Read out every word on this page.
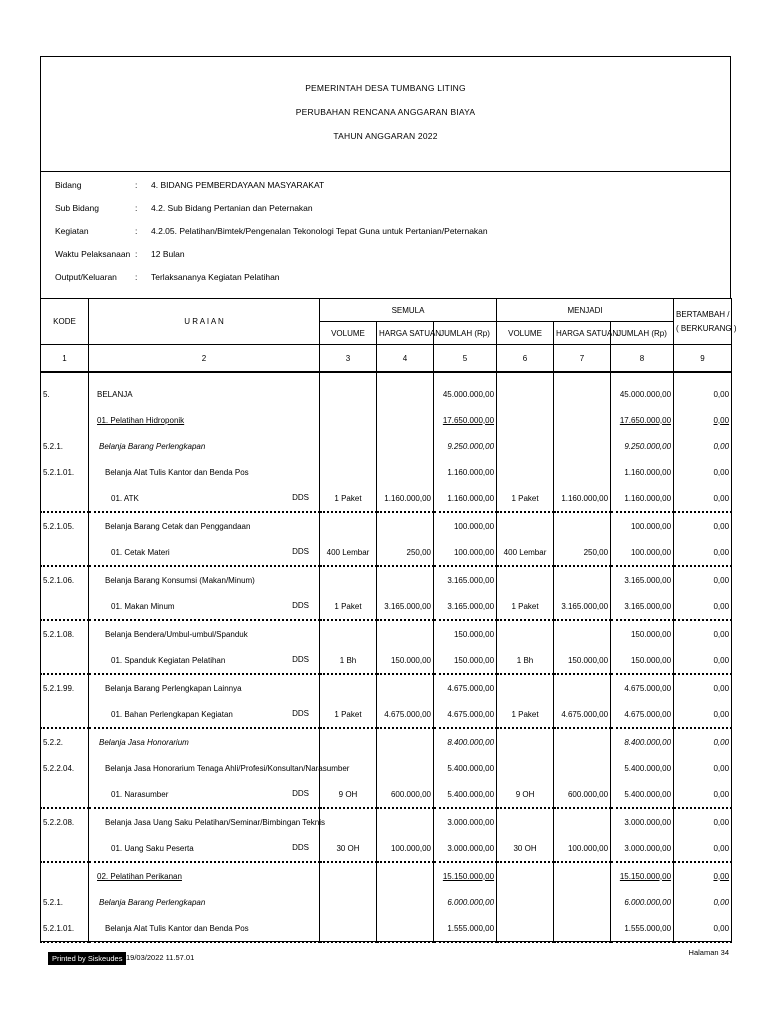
PEMERINTAH DESA TUMBANG LITING
PERUBAHAN RENCANA ANGGARAN BIAYA
TAHUN ANGGARAN 2022
Bidang	: 4. BIDANG PEMBERDAYAAN MASYARAKAT
Sub Bidang	: 4.2. Sub Bidang Pertanian dan Peternakan
Kegiatan	: 4.2.05. Pelatihan/Bimtek/Pengenalan Tekonologi Tepat Guna untuk Pertanian/Peternakan
Waktu Pelaksanaan : 12 Bulan
Output/Keluaran : Terlaksananya Kegiatan Pelatihan
KODE	U R A I A N	SEMULA			MENJADI			BERTAMBAH /
( BERKURANG )
		VOLUME	HARGA SATUAN	JUMLAH (Rp)	VOLUME	HARGA SATUAN	JUMLAH (Rp)	
1	2	3	4	5	6	7	8	9
5.	BELANJA			45.000.000,00			45.000.000,00	0,00
	01. Pelatihan Hidroponik			17.650.000,00			17.650.000,00	0,00
5.2.1.	Belanja Barang Perlengkapan			9.250.000,00			9.250.000,00	0,00
5.2.1.01.	Belanja Alat Tulis Kantor dan Benda Pos			1.160.000,00			1.160.000,00	0,00
	01. ATK DDS	1 Paket	1.160.000,00	1.160.000,00	1 Paket	1.160.000,00	1.160.000,00	0,00
5.2.1.05.	Belanja Barang Cetak dan Penggandaan			100.000,00			100.000,00	0,00
	01. Cetak Materi DDS	400 Lembar	250,00	100.000,00	400 Lembar	250,00	100.000,00	0,00
5.2.1.06.	Belanja Barang Konsumsi (Makan/Minum)			3.165.000,00			3.165.000,00	0,00
	01. Makan Minum DDS	1 Paket	3.165.000,00	3.165.000,00	1 Paket	3.165.000,00	3.165.000,00	0,00
5.2.1.08.	Belanja Bendera/Umbul-umbul/Spanduk			150.000,00			150.000,00	0,00
	01. Spanduk Kegiatan Pelatihan DDS	1 Bh	150.000,00	150.000,00	1 Bh	150.000,00	150.000,00	0,00
5.2.1.99.	Belanja Barang Perlengkapan Lainnya			4.675.000,00			4.675.000,00	0,00
	01. Bahan Perlengkapan Kegiatan DDS	1 Paket	4.675.000,00	4.675.000,00	1 Paket	4.675.000,00	4.675.000,00	0,00
5.2.2.	Belanja Jasa Honorarium			8.400.000,00			8.400.000,00	0,00
5.2.2.04.	Belanja Jasa Honorarium Tenaga Ahli/Profesi/Konsultan/Narasumber			5.400.000,00			5.400.000,00	0,00
	01. Narasumber DDS	9 OH	600.000,00	5.400.000,00	9 OH	600.000,00	5.400.000,00	0,00
5.2.2.08.	Belanja Jasa Uang Saku Pelatihan/Seminar/Bimbingan Teknis			3.000.000,00			3.000.000,00	0,00
	01. Uang Saku Peserta DDS	30 OH	100.000,00	3.000.000,00	30 OH	100.000,00	3.000.000,00	0,00
	02. Pelatihan Perikanan			15.150.000,00			15.150.000,00	0,00
5.2.1.	Belanja Barang Perlengkapan			6.000.000,00			6.000.000,00	0,00
5.2.1.01.	Belanja Alat Tulis Kantor dan Benda Pos			1.555.000,00			1.555.000,00	0,00
Printed by Siskeudes 19/03/2022 11.57.01
Halaman 34
